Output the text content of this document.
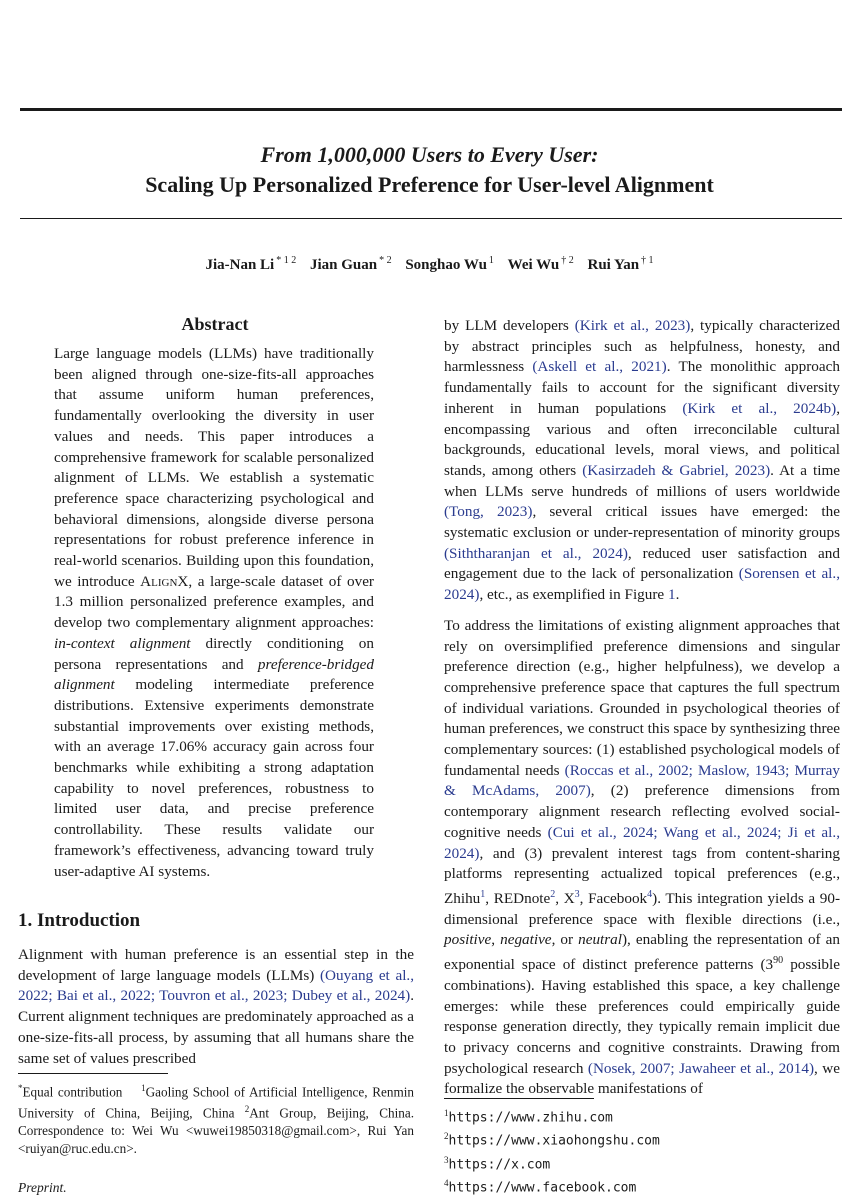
From 1,000,000 Users to Every User:
Scaling Up Personalized Preference for User-level Alignment
Jia-Nan Li $^{* 1 2}$ Jian Guan $^{* 2}$ Songhao Wu $^1$ Wei Wu $^{\dagger 2}$ Rui Yan $^{\dagger 1}$
Abstract
Large language models (LLMs) have traditionally been aligned through one-size-fits-all approaches that assume uniform human preferences, fundamentally overlooking the diversity in user values and needs. This paper introduces a comprehensive framework for scalable personalized alignment of LLMs. We establish a systematic preference space characterizing psychological and behavioral dimensions, alongside diverse persona representations for robust preference inference in real-world scenarios. Building upon this foundation, we introduce AlignX, a large-scale dataset of over 1.3 million personalized preference examples, and develop two complementary alignment approaches: in-context alignment directly conditioning on persona representations and preference-bridged alignment modeling intermediate preference distributions. Extensive experiments demonstrate substantial improvements over existing methods, with an average 17.06% accuracy gain across four benchmarks while exhibiting a strong adaptation capability to novel preferences, robustness to limited user data, and precise preference controllability. These results validate our framework’s effectiveness, advancing toward truly user-adaptive AI systems.
1. Introduction
Alignment with human preference is an essential step in the development of large language models (LLMs) (Ouyang et al., 2022; Bai et al., 2022; Touvron et al., 2023; Dubey et al., 2024). Current alignment techniques are predominately approached as a one-size-fits-all process, by assuming that all humans share the same set of values prescribed
*Equal contribution $^1$Gaoling School of Artificial Intelligence, Renmin University of China, Beijing, China $^2$Ant Group, Beijing, China. Correspondence to: Wei Wu <wuwei19850318@gmail.com>, Rui Yan <ruiyan@ruc.edu.cn>.
Preprint.

by LLM developers (Kirk et al., 2023), typically characterized by abstract principles such as helpfulness, honesty, and harmlessness (Askell et al., 2021). The monolithic approach fundamentally fails to account for the significant diversity inherent in human populations (Kirk et al., 2024b), encompassing various and often irreconcilable cultural backgrounds, educational levels, moral views, and political stands, among others (Kasirzadeh & Gabriel, 2023). At a time when LLMs serve hundreds of millions of users worldwide (Tong, 2023), several critical issues have emerged: the systematic exclusion or under-representation of minority groups (Siththaranjan et al., 2024), reduced user satisfaction and engagement due to the lack of personalization (Sorensen et al., 2024), etc., as exemplified in Figure 1.

To address the limitations of existing alignment approaches that rely on oversimplified preference dimensions and singular preference direction (e.g., higher helpfulness), we develop a comprehensive preference space that captures the full spectrum of individual variations. Grounded in psychological theories of human preferences, we construct this space by synthesizing three complementary sources: (1) established psychological models of fundamental needs (Roccas et al., 2002; Maslow, 1943; Murray & McAdams, 2007), (2) preference dimensions from contemporary alignment research reflecting evolved social-cognitive needs (Cui et al., 2024; Wang et al., 2024; Ji et al., 2024), and (3) prevalent interest tags from content-sharing platforms representing actualized topical preferences (e.g., Zhihu$^1$, REDnote$^2$, X$^3$, Facebook$^4$). This integration yields a 90-dimensional preference space with flexible directions (i.e., positive, negative, or neutral), enabling the representation of an exponential space of distinct preference patterns ($3^{90}$ possible combinations). Having established this space, a key challenge emerges: while these preferences could empirically guide response generation directly, they typically remain implicit due to privacy concerns and cognitive constraints. Drawing from psychological research (Nosek, 2007; Jawaheer et al., 2014), we formalize the observable manifestations of

$^1$https://www.zhihu.com
$^2$https://www.xiaohongshu.com
$^3$https://x.com
$^4$https://www.facebook.com
